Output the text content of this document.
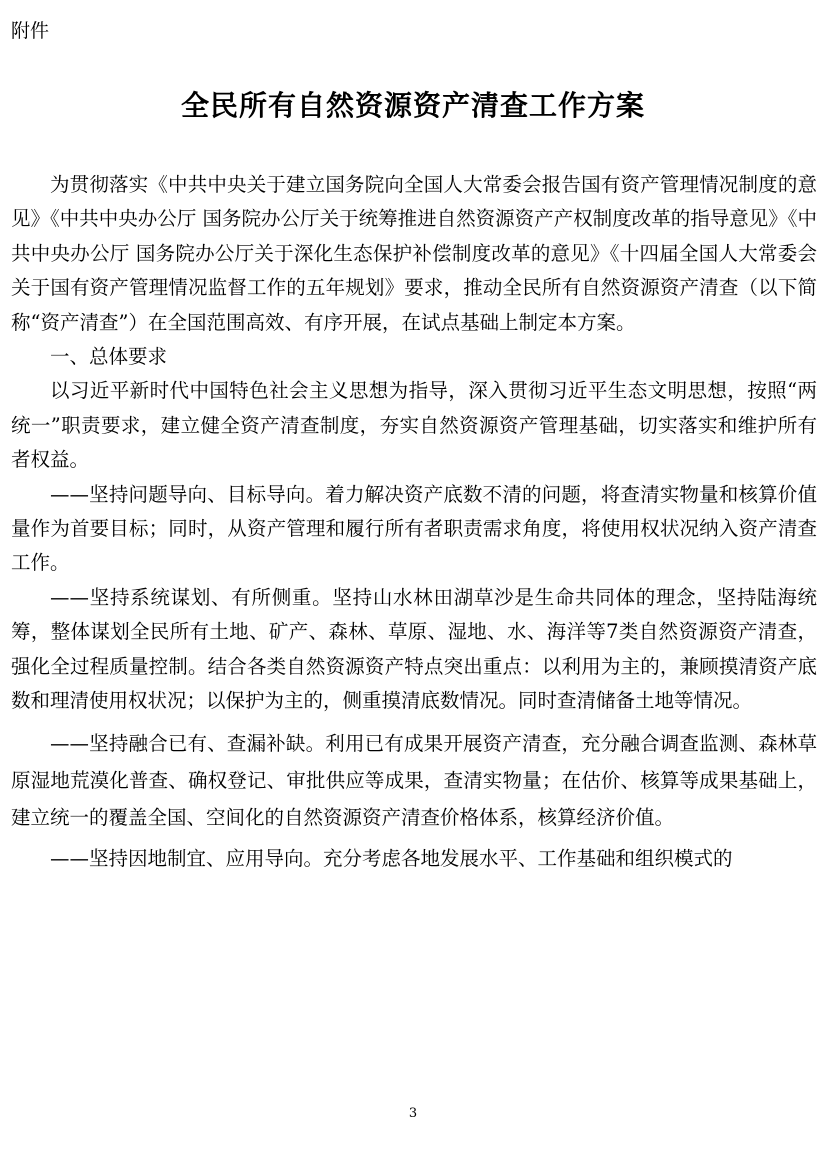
附件
全民所有自然资源资产清查工作方案

为贯彻落实《中共中央关于建立国务院向全国人大常委会报告国有资产管理情况制度的意见》《中共中央办公厅 国务院办公厅关于统筹推进自然资源资产产权制度改革的指导意见》《中共中央办公厅 国务院办公厅关于深化生态保护补偿制度改革的意见》《十四届全国人大常委会关于国有资产管理情况监督工作的五年规划》要求，推动全民所有自然资源资产清查（以下简称“资产清查”）在全国范围高效、有序开展，在试点基础上制定本方案。

一、总体要求

以习近平新时代中国特色社会主义思想为指导，深入贯彻习近平生态文明思想，按照“两统一”职责要求，建立健全资产清查制度，夯实自然资源资产管理基础，切实落实和维护所有者权益。

——坚持问题导向、目标导向。着力解决资产底数不清的问题，将查清实物量和核算价值量作为首要目标；同时，从资产管理和履行所有者职责需求角度，将使用权状况纳入资产清查工作。

——坚持系统谋划、有所侧重。坚持山水林田湖草沙是生命共同体的理念，坚持陆海统筹，整体谋划全民所有土地、矿产、森林、草原、湿地、水、海洋等7类自然资源资产清查，强化全过程质量控制。结合各类自然资源资产特点突出重点：以利用为主的，兼顾摸清资产底数和理清使用权状况；以保护为主的，侧重摸清底数情况。同时查清储备土地等情况。

——坚持融合已有、查漏补缺。利用已有成果开展资产清查，充分融合调查监测、森林草原湿地荒漠化普查、确权登记、审批供应等成果，查清实物量；在估价、核算等成果基础上，建立统一的覆盖全国、空间化的自然资源资产清查价格体系，核算经济价值。

——坚持因地制宜、应用导向。充分考虑各地发展水平、工作基础和组织模式的

3
